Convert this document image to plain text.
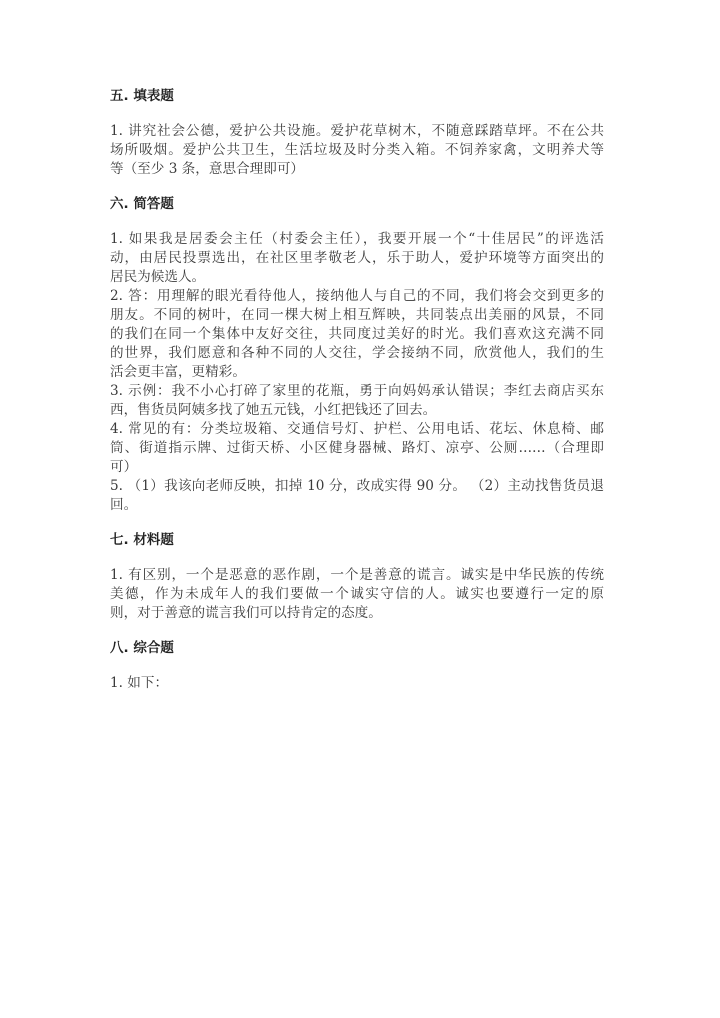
五. 填表题
1. 讲究社会公德，爱护公共设施。爱护花草树木，不随意踩踏草坪。不在公共
场所吸烟。爱护公共卫生，生活垃圾及时分类入箱。不饲养家禽，文明养犬等
等（至少 3 条，意思合理即可）
六. 简答题
1. 如果我是居委会主任（村委会主任），我要开展一个“十佳居民”的评选活
动，由居民投票选出，在社区里孝敬老人，乐于助人，爱护环境等方面突出的
居民为候选人。
2. 答：用理解的眼光看待他人，接纳他人与自己的不同，我们将会交到更多的
朋友。不同的树叶，在同一棵大树上相互辉映，共同装点出美丽的风景，不同
的我们在同一个集体中友好交往，共同度过美好的时光。我们喜欢这充满不同
的世界，我们愿意和各种不同的人交往，学会接纳不同，欣赏他人，我们的生
活会更丰富，更精彩。
3. 示例：我不小心打碎了家里的花瓶，勇于向妈妈承认错误；李红去商店买东
西，售货员阿姨多找了她五元钱，小红把钱还了回去。
4. 常见的有：分类垃圾箱、交通信号灯、护栏、公用电话、花坛、休息椅、邮
筒、街道指示牌、过街天桥、小区健身器械、路灯、凉亭、公厕……（合理即
可）
5. （1）我该向老师反映，扣掉 10 分，改成实得 90 分。 （2）主动找售货员退
回。
七. 材料题
1. 有区别，一个是恶意的恶作剧，一个是善意的谎言。诚实是中华民族的传统
美德，作为未成年人的我们要做一个诚实守信的人。诚实也要遵行一定的原
则，对于善意的谎言我们可以持肯定的态度。
八. 综合题
1. 如下：
